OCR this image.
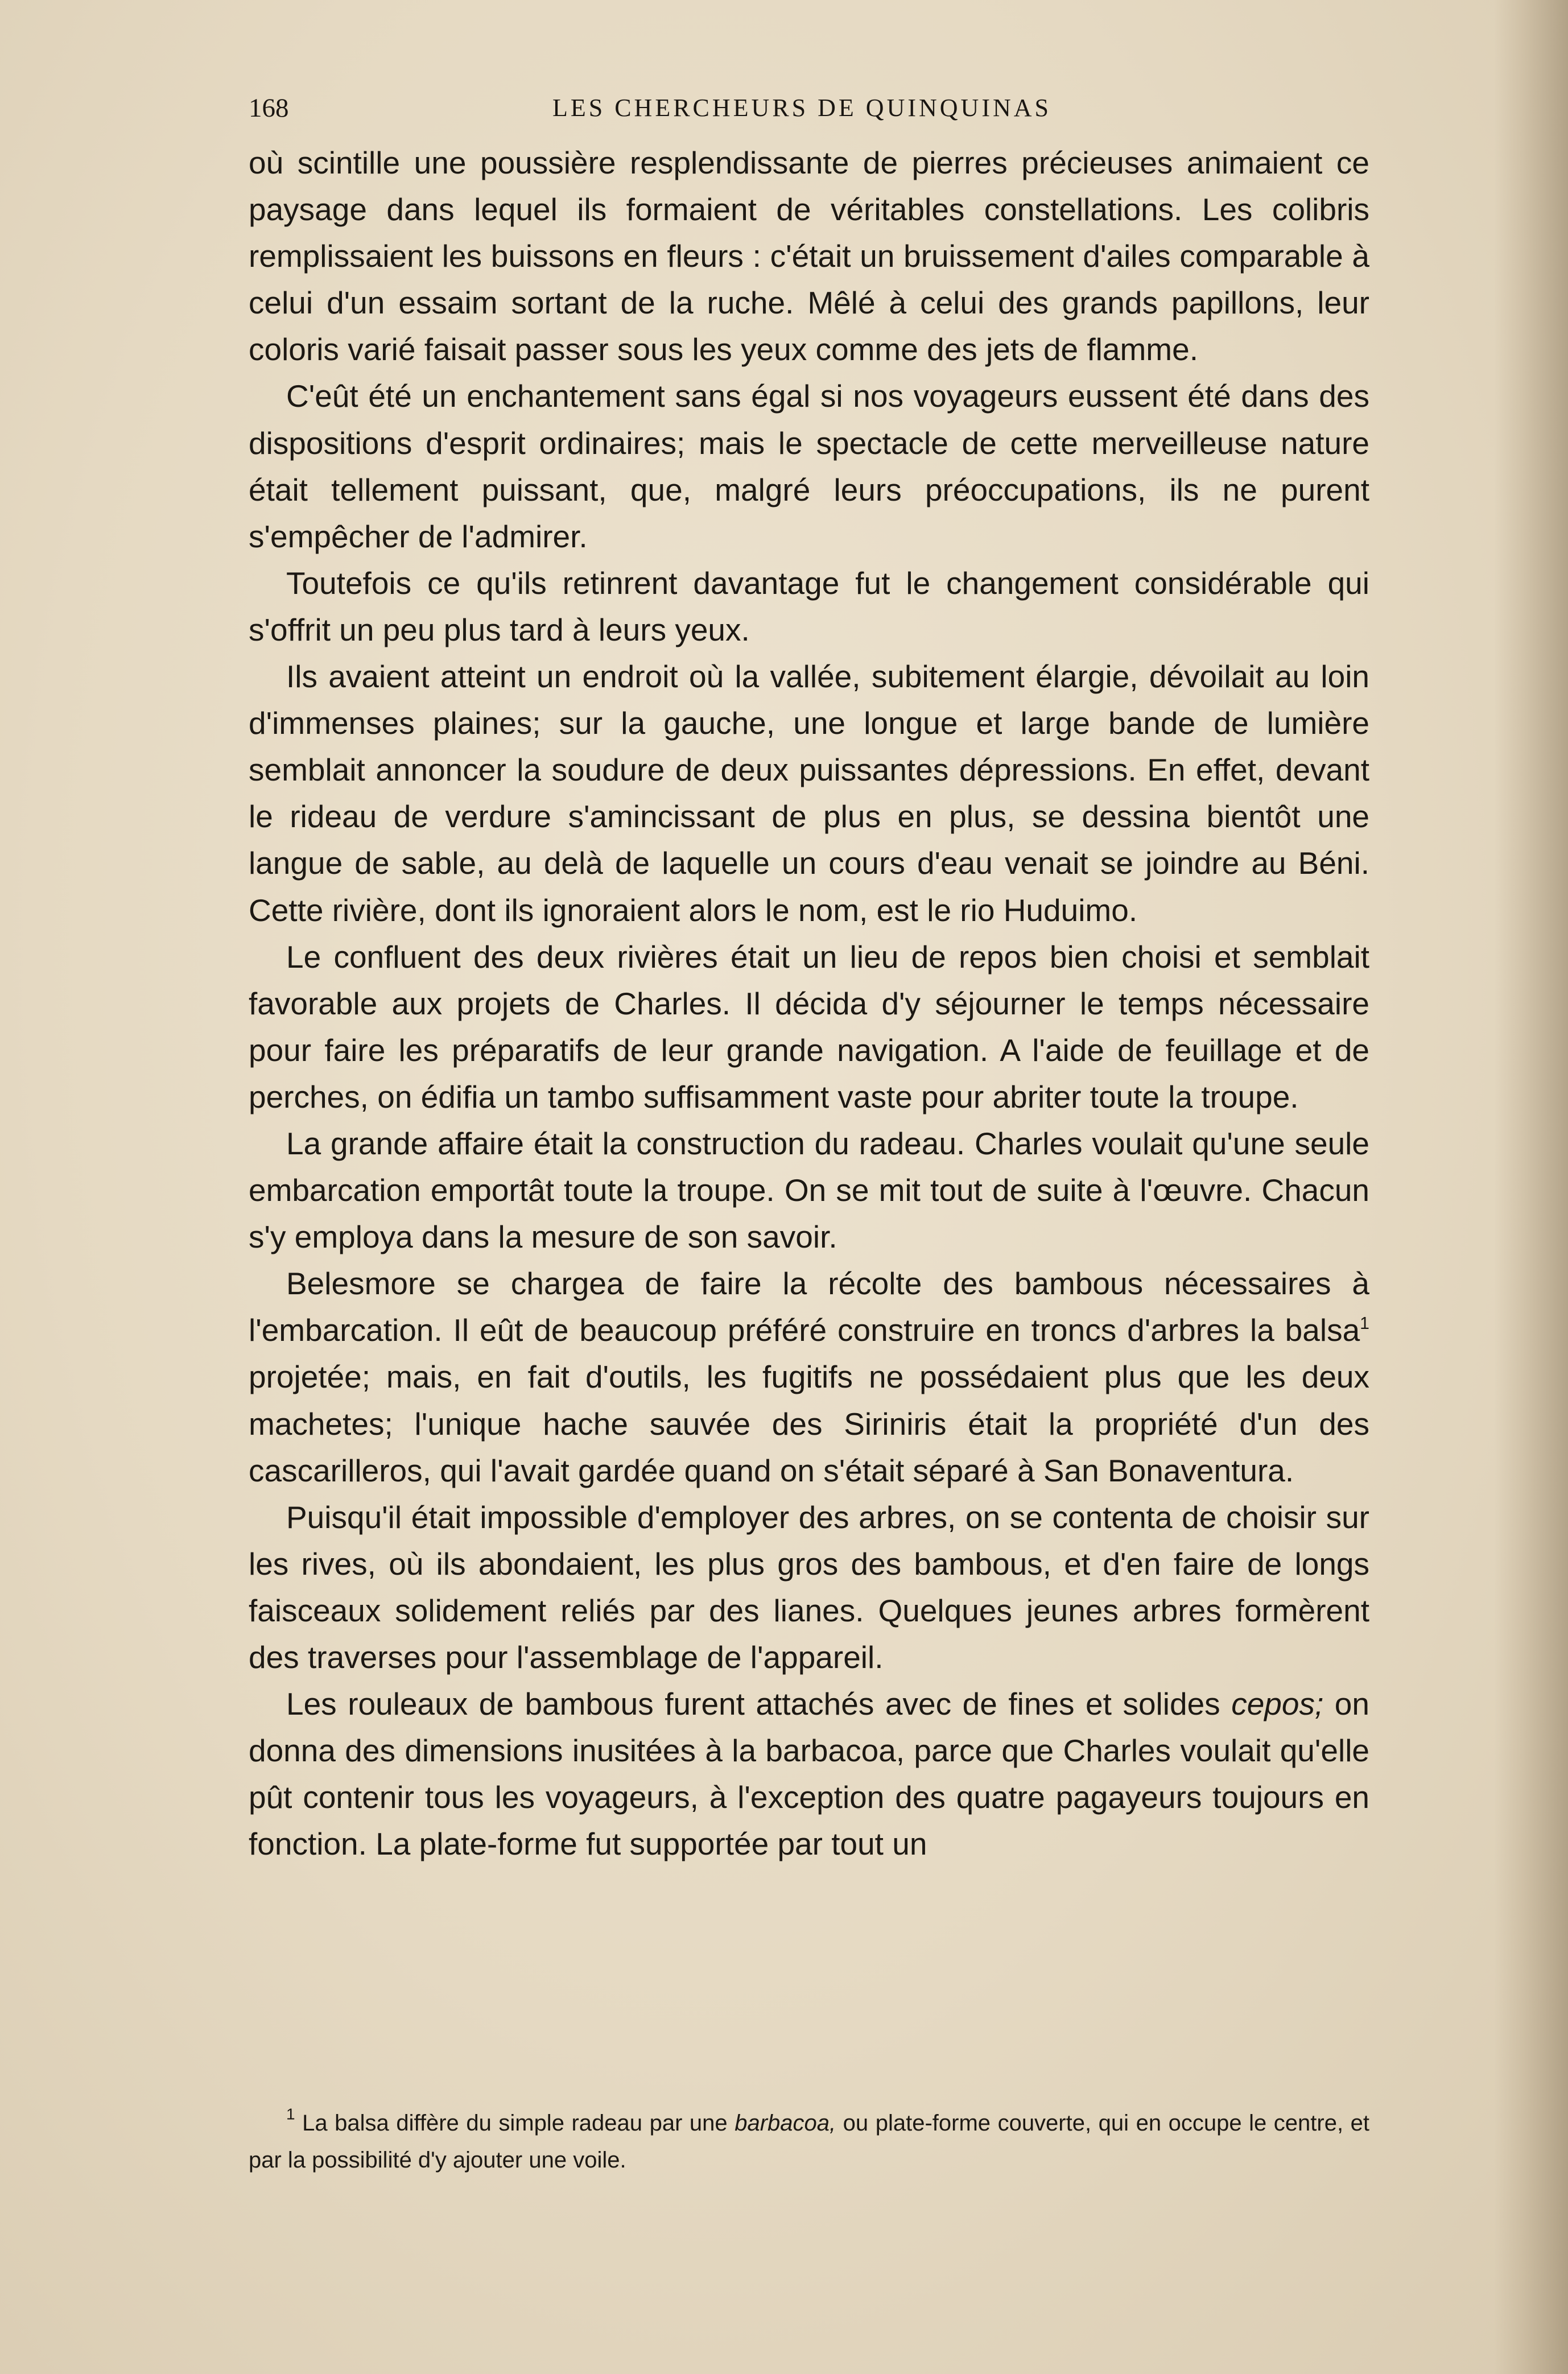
168	LES CHERCHEURS DE QUINQUINAS

où scintille une poussière resplendissante de pierres précieuses animaient ce paysage dans lequel ils formaient de véritables constellations. Les colibris remplissaient les buissons en fleurs : c'était un bruissement d'ailes comparable à celui d'un essaim sortant de la ruche. Mêlé à celui des grands papillons, leur coloris varié faisait passer sous les yeux comme des jets de flamme.

C'eût été un enchantement sans égal si nos voyageurs eussent été dans des dispositions d'esprit ordinaires; mais le spectacle de cette merveilleuse nature était tellement puissant, que, malgré leurs préoccupations, ils ne purent s'empêcher de l'admirer.

Toutefois ce qu'ils retinrent davantage fut le changement considérable qui s'offrit un peu plus tard à leurs yeux.

Ils avaient atteint un endroit où la vallée, subitement élargie, dévoilait au loin d'immenses plaines; sur la gauche, une longue et large bande de lumière semblait annoncer la soudure de deux puissantes dépressions. En effet, devant le rideau de verdure s'amincissant de plus en plus, se dessina bientôt une langue de sable, au delà de laquelle un cours d'eau venait se joindre au Béni. Cette rivière, dont ils ignoraient alors le nom, est le rio Huduimo.

Le confluent des deux rivières était un lieu de repos bien choisi et semblait favorable aux projets de Charles. Il décida d'y séjourner le temps nécessaire pour faire les préparatifs de leur grande navigation. A l'aide de feuillage et de perches, on édifia un tambo suffisamment vaste pour abriter toute la troupe.

La grande affaire était la construction du radeau. Charles voulait qu'une seule embarcation emportât toute la troupe. On se mit tout de suite à l'œuvre. Chacun s'y employa dans la mesure de son savoir.

Belesmore se chargea de faire la récolte des bambous nécessaires à l'embarcation. Il eût de beaucoup préféré construire en troncs d'arbres la balsa$^1$ projetée; mais, en fait d'outils, les fugitifs ne possédaient plus que les deux machetes; l'unique hache sauvée des Siriniris était la propriété d'un des cascarilleros, qui l'avait gardée quand on s'était séparé à San Bonaventura.

Puisqu'il était impossible d'employer des arbres, on se contenta de choisir sur les rives, où ils abondaient, les plus gros des bambous, et d'en faire de longs faisceaux solidement reliés par des lianes. Quelques jeunes arbres formèrent des traverses pour l'assemblage de l'appareil.

Les rouleaux de bambous furent attachés avec de fines et solides cepos; on donna des dimensions inusitées à la barbacoa, parce que Charles voulait qu'elle pût contenir tous les voyageurs, à l'exception des quatre pagayeurs toujours en fonction. La plate-forme fut supportée par tout un

$^1$ La balsa diffère du simple radeau par une barbacoa, ou plate-forme couverte, qui en occupe le centre, et par la possibilité d'y ajouter une voile.
